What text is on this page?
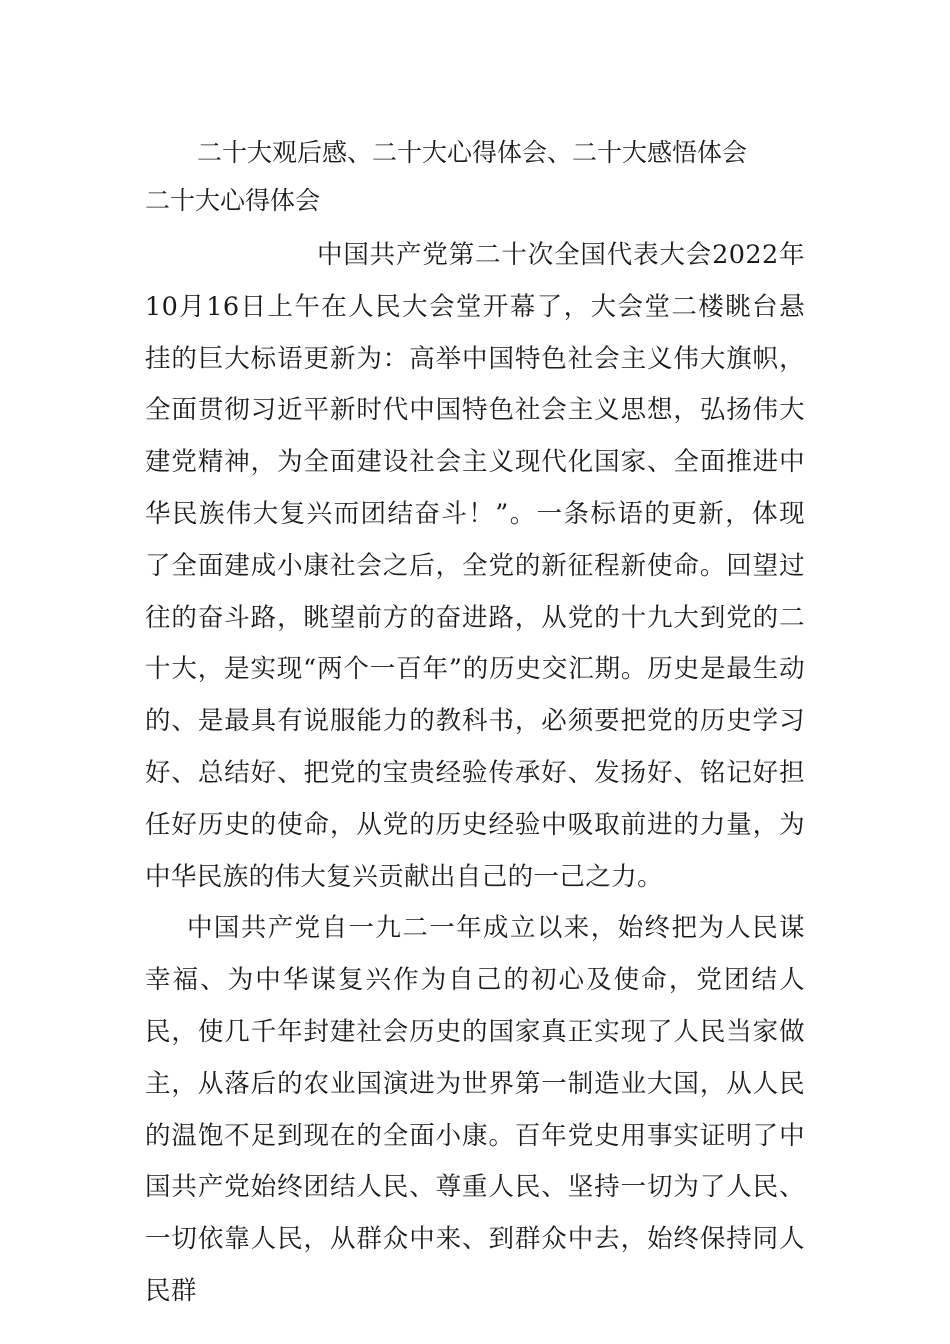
二十大观后感、二十大心得体会、二十大感悟体会
二十大心得体会

中国共产党第二十次全国代表大会2022年10月16日上午在人民大会堂开幕了，大会堂二楼眺台悬挂的巨大标语更新为：高举中国特色社会主义伟大旗帜，全面贯彻习近平新时代中国特色社会主义思想，弘扬伟大建党精神，为全面建设社会主义现代化国家、全面推进中华民族伟大复兴而团结奋斗！”。一条标语的更新，体现了全面建成小康社会之后，全党的新征程新使命。回望过往的奋斗路，眺望前方的奋进路，从党的十九大到党的二十大，是实现“两个一百年”的历史交汇期。历史是最生动的、是最具有说服能力的教科书，必须要把党的历史学习好、总结好、把党的宝贵经验传承好、发扬好、铭记好担任好历史的使命，从党的历史经验中吸取前进的力量，为中华民族的伟大复兴贡献出自己的一己之力。

中国共产党自一九二一年成立以来，始终把为人民谋幸福、为中华谋复兴作为自己的初心及使命，党团结人民，使几千年封建社会历史的国家真正实现了人民当家做主，从落后的农业国演进为世界第一制造业大国，从人民的温饱不足到现在的全面小康。百年党史用事实证明了中国共产党始终团结人民、尊重人民、坚持一切为了人民、一切依靠人民，从群众中来、到群众中去，始终保持同人民群
